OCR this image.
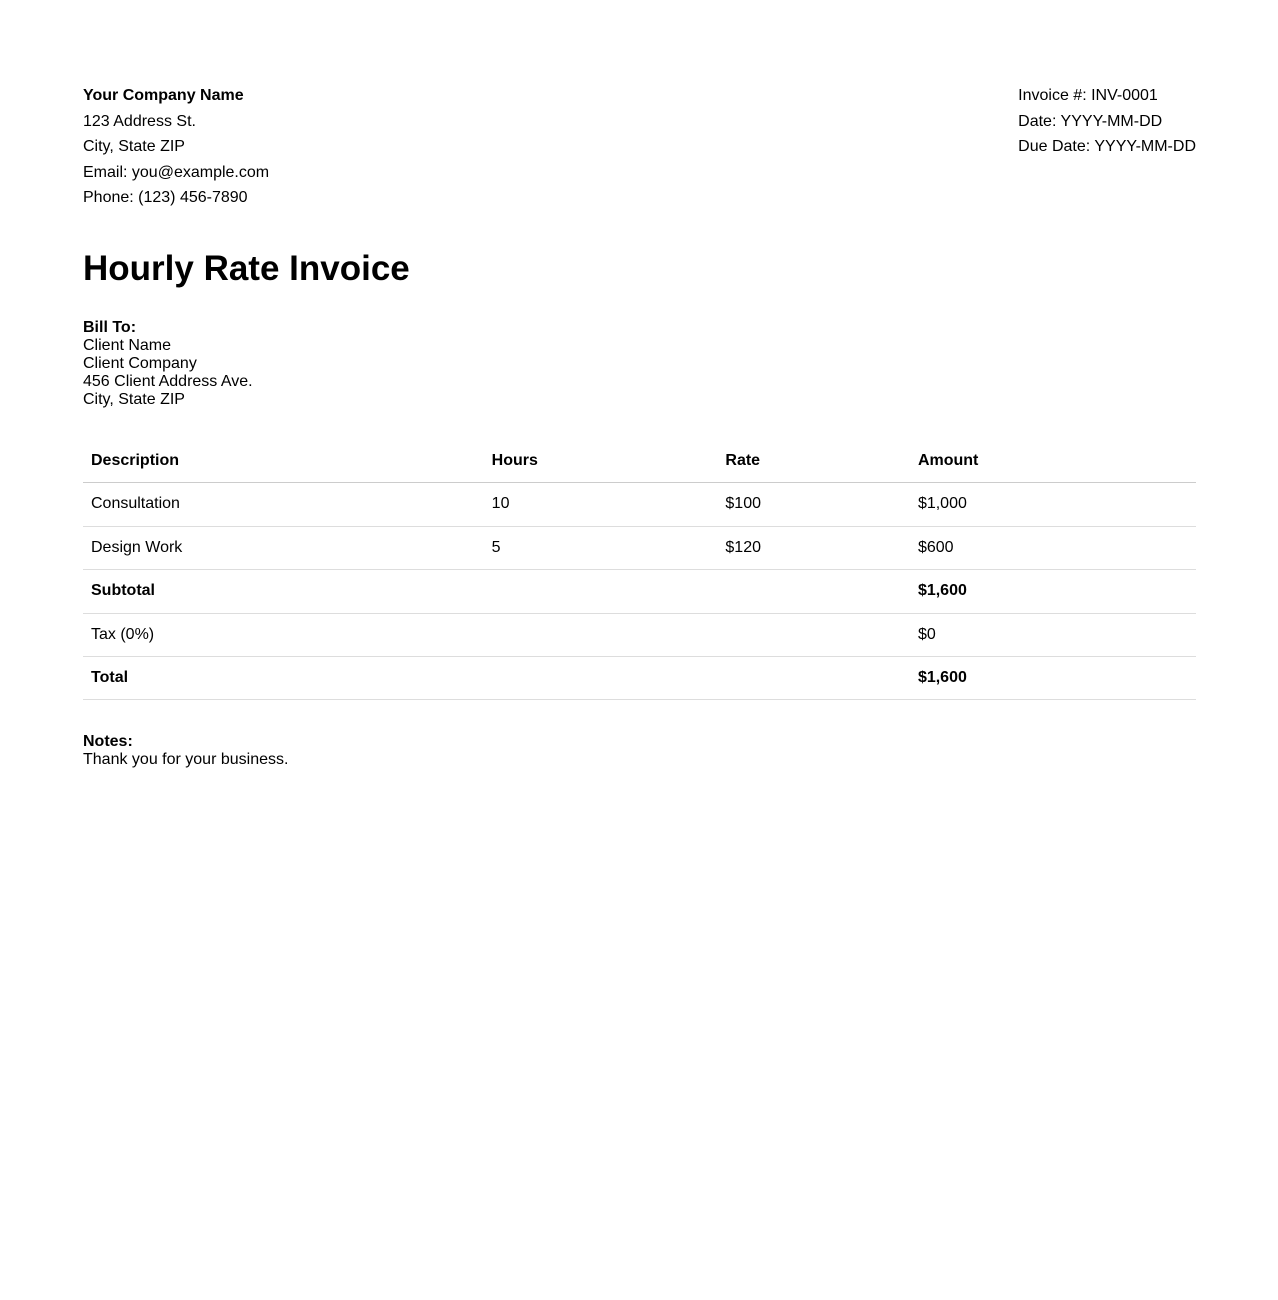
Your Company Name
123 Address St.
City, State ZIP
Email: you@example.com
Phone: (123) 456-7890
Invoice #: INV-0001
Date: YYYY-MM-DD
Due Date: YYYY-MM-DD
Hourly Rate Invoice
Bill To:
Client Name
Client Company
456 Client Address Ave.
City, State ZIP
Description	Hours	Rate	Amount
Consultation	10	$100	$1,000
Design Work	5	$120	$600
Subtotal			$1,600
Tax (0%)			$0
Total			$1,600
Notes:
Thank you for your business.
